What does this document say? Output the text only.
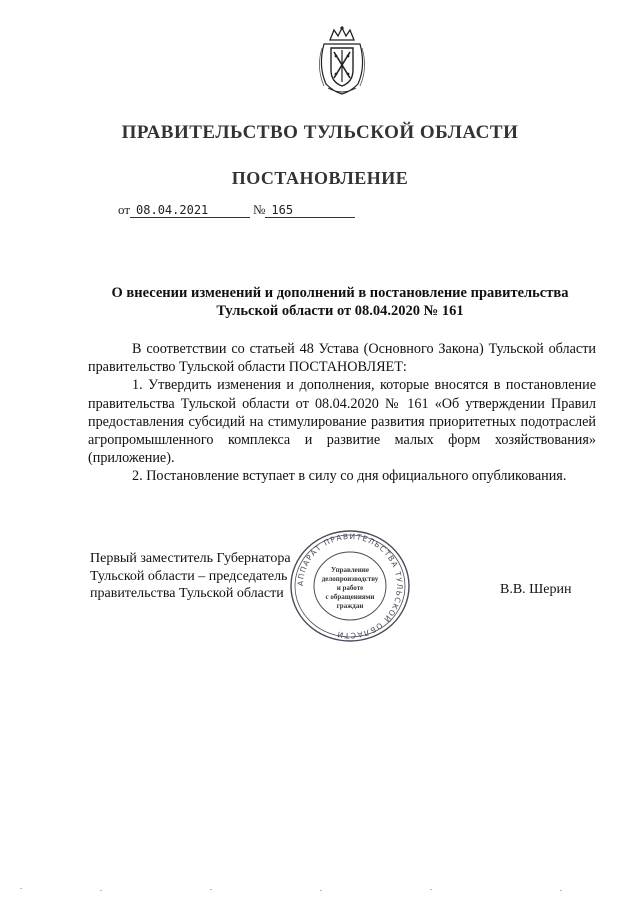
ПРАВИТЕЛЬСТВО ТУЛЬСКОЙ ОБЛАСТИ
ПОСТАНОВЛЕНИЕ
от 08.04.2021	№ 165
О внесении изменений и дополнений в постановление правительства
Тульской области от 08.04.2020 № 161

В соответствии со статьей 48 Устава (Основного Закона) Тульской области правительство Тульской области ПОСТАНОВЛЯЕТ:

1. Утвердить изменения и дополнения, которые вносятся в постановление правительства Тульской области от 08.04.2020 № 161 «Об утверждении Правил предоставления субсидий на стимулирование развития приоритетных подотраслей агропромышленного комплекса и развитие малых форм хозяйствования» (приложение).

2. Постановление вступает в силу со дня официального опубликования.

АППАРАТ ПРАВИТЕЛЬСТВА ТУЛЬСКОЙ ОБЛАСТИ
Управление
делопроизводству
и работе
с обращениями
граждан
Первый заместитель Губернатора
Тульской области – председатель
правительства Тульской области	В.В. Шерин
